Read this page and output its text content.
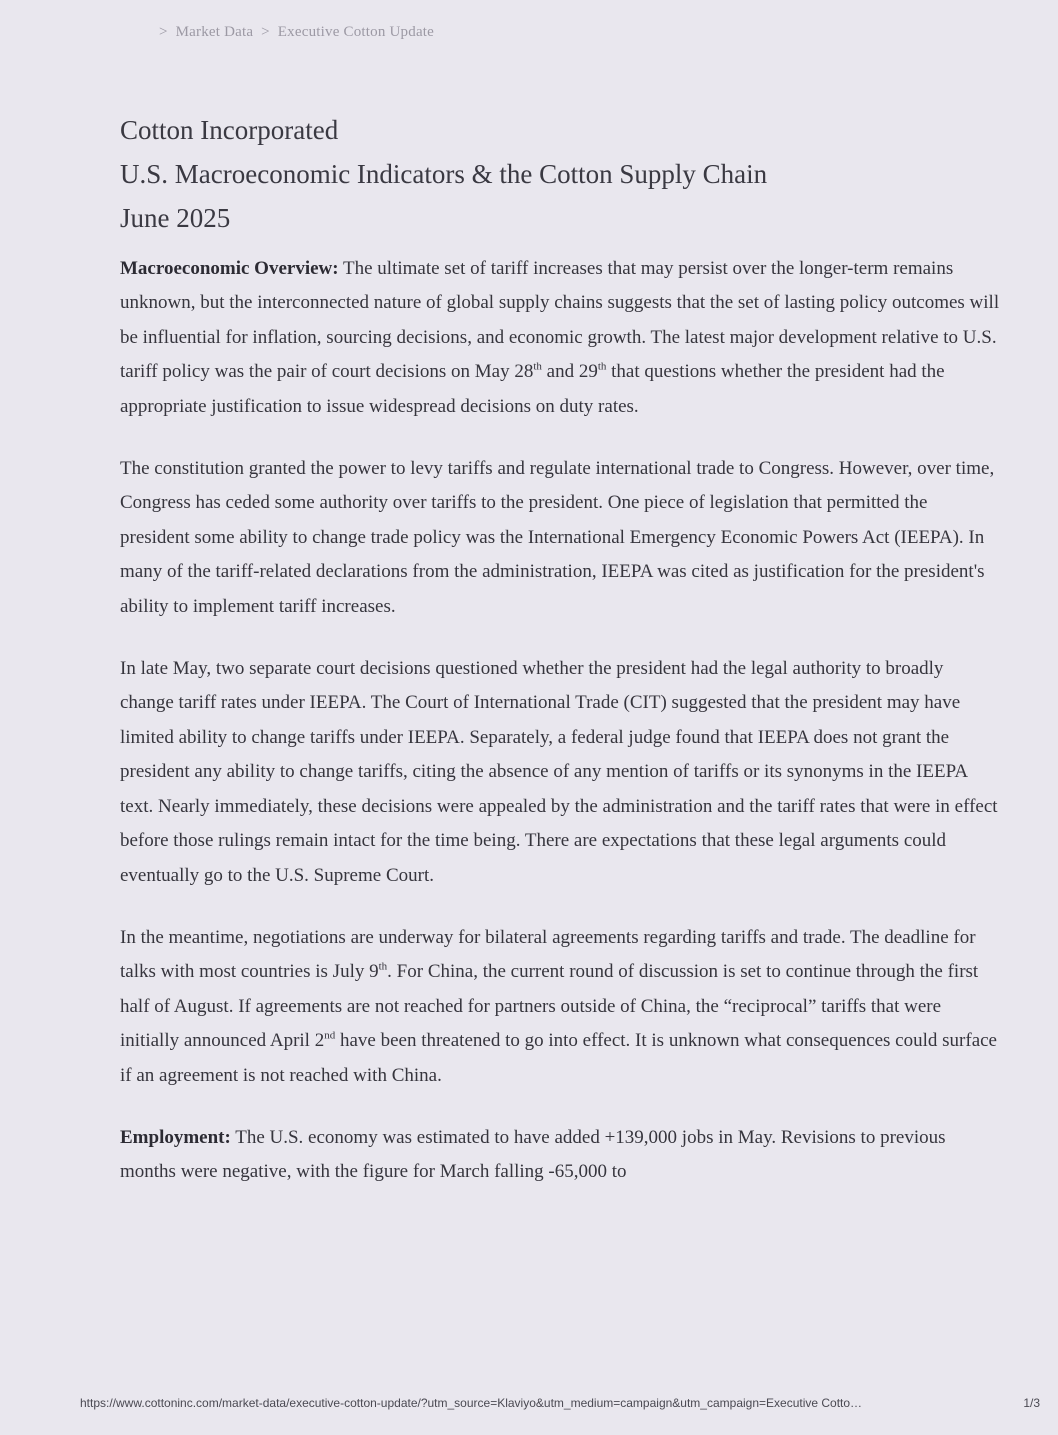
> Market Data > Executive Cotton Update
Cotton Incorporated
U.S. Macroeconomic Indicators & the Cotton Supply Chain
June 2025

Macroeconomic Overview: The ultimate set of tariff increases that may persist over the longer-term remains unknown, but the interconnected nature of global supply chains suggests that the set of lasting policy outcomes will be influential for inflation, sourcing decisions, and economic growth. The latest major development relative to U.S. tariff policy was the pair of court decisions on May 28th and 29th that questions whether the president had the appropriate justification to issue widespread decisions on duty rates.

The constitution granted the power to levy tariffs and regulate international trade to Congress. However, over time, Congress has ceded some authority over tariffs to the president. One piece of legislation that permitted the president some ability to change trade policy was the International Emergency Economic Powers Act (IEEPA). In many of the tariff-related declarations from the administration, IEEPA was cited as justification for the president's ability to implement tariff increases.

In late May, two separate court decisions questioned whether the president had the legal authority to broadly change tariff rates under IEEPA. The Court of International Trade (CIT) suggested that the president may have limited ability to change tariffs under IEEPA. Separately, a federal judge found that IEEPA does not grant the president any ability to change tariffs, citing the absence of any mention of tariffs or its synonyms in the IEEPA text. Nearly immediately, these decisions were appealed by the administration and the tariff rates that were in effect before those rulings remain intact for the time being. There are expectations that these legal arguments could eventually go to the U.S. Supreme Court.

In the meantime, negotiations are underway for bilateral agreements regarding tariffs and trade. The deadline for talks with most countries is July 9th. For China, the current round of discussion is set to continue through the first half of August. If agreements are not reached for partners outside of China, the “reciprocal” tariffs that were initially announced April 2nd have been threatened to go into effect. It is unknown what consequences could surface if an agreement is not reached with China.

Employment: The U.S. economy was estimated to have added +139,000 jobs in May. Revisions to previous months were negative, with the figure for March falling -65,000 to

https://www.cottoninc.com/market-data/executive-cotton-update/?utm_source=Klaviyo&utm_medium=campaign&utm_campaign=Executive Cotto…	1/3
